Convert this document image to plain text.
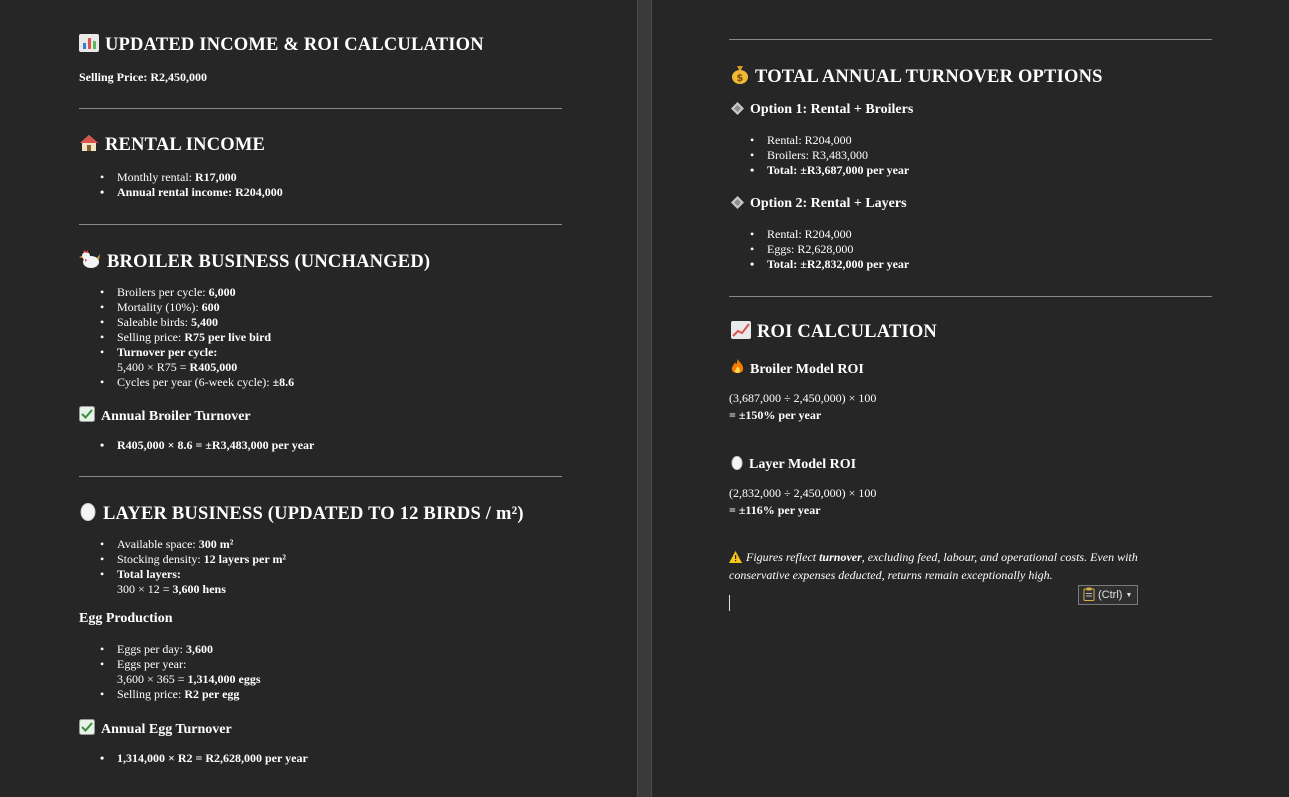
UPDATED INCOME & ROI CALCULATION
Selling Price: R2,450,000
RENTAL INCOME
• Monthly rental: R17,000
• Annual rental income: R204,000
BROILER BUSINESS (UNCHANGED)
• Broilers per cycle: 6,000
• Mortality (10%): 600
• Saleable birds: 5,400
• Selling price: R75 per live bird
• Turnover per cycle:
5,400 × R75 = R405,000
• Cycles per year (6-week cycle): ±8.6
Annual Broiler Turnover
• R405,000 × 8.6 = ±R3,483,000 per year
LAYER BUSINESS (UPDATED TO 12 BIRDS / m²)
• Available space: 300 m²
• Stocking density: 12 layers per m²
• Total layers:
300 × 12 = 3,600 hens
Egg Production
• Eggs per day: 3,600
• Eggs per year:
3,600 × 365 = 1,314,000 eggs
• Selling price: R2 per egg
Annual Egg Turnover
• 1,314,000 × R2 = R2,628,000 per year
$ TOTAL ANNUAL TURNOVER OPTIONS
Option 1: Rental + Broilers
• Rental: R204,000
• Broilers: R3,483,000
• Total: ±R3,687,000 per year
Option 2: Rental + Layers
• Rental: R204,000
• Eggs: R2,628,000
• Total: ±R2,832,000 per year
ROI CALCULATION
Broiler Model ROI
(3,687,000 ÷ 2,450,000) × 100
= ±150% per year
Layer Model ROI
(2,832,000 ÷ 2,450,000) × 100
= ±116% per year
Figures reflect turnover, excluding feed, labour, and operational costs. Even with conservative expenses deducted, returns remain exceptionally high.
(Ctrl) ▼
